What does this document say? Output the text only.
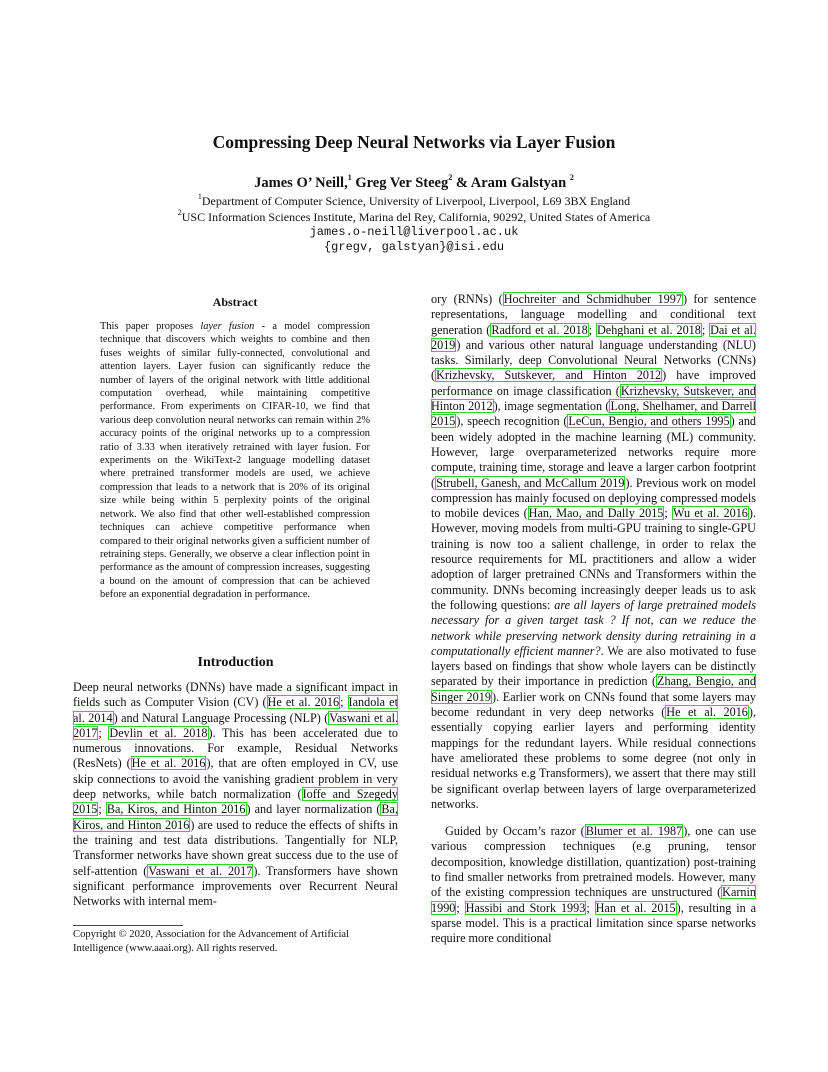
Compressing Deep Neural Networks via Layer Fusion
James O’ Neill,$^1$ Greg Ver Steeg$^2$ & Aram Galstyan $^2$
$^1$Department of Computer Science, University of Liverpool, Liverpool, L69 3BX England
$^2$USC Information Sciences Institute, Marina del Rey, California, 90292, United States of America
james.o-neill@liverpool.ac.uk
{gregv, galstyan}@isi.edu
Abstract
This paper proposes layer fusion - a model compression technique that discovers which weights to combine and then fuses weights of similar fully-connected, convolutional and attention layers. Layer fusion can significantly reduce the number of layers of the original network with little additional computation overhead, while maintaining competitive performance. From experiments on CIFAR-10, we find that various deep convolution neural networks can remain within 2% accuracy points of the original networks up to a compression ratio of 3.33 when iteratively retrained with layer fusion. For experiments on the WikiText-2 language modelling dataset where pretrained transformer models are used, we achieve compression that leads to a network that is 20% of its original size while being within 5 perplexity points of the original network. We also find that other well-established compression techniques can achieve competitive performance when compared to their original networks given a sufficient number of retraining steps. Generally, we observe a clear inflection point in performance as the amount of compression increases, suggesting a bound on the amount of compression that can be achieved before an exponential degradation in performance.
Introduction
Deep neural networks (DNNs) have made a significant impact in fields such as Computer Vision (CV) (He et al. 2016; Iandola et al. 2014) and Natural Language Processing (NLP) (Vaswani et al. 2017; Devlin et al. 2018). This has been accelerated due to numerous innovations. For example, Residual Networks (ResNets) (He et al. 2016), that are often employed in CV, use skip connections to avoid the vanishing gradient problem in very deep networks, while batch normalization (Ioffe and Szegedy 2015; Ba, Kiros, and Hinton 2016) and layer normalization (Ba, Kiros, and Hinton 2016) are used to reduce the effects of shifts in the training and test data distributions. Tangentially for NLP, Transformer networks have shown great success due to the use of self-attention (Vaswani et al. 2017). Transformers have shown significant performance improvements over Recurrent Neural Networks with internal mem-
Copyright © 2020, Association for the Advancement of Artificial Intelligence (www.aaai.org). All rights reserved.

ory (RNNs) (Hochreiter and Schmidhuber 1997) for sentence representations, language modelling and conditional text generation (Radford et al. 2018; Dehghani et al. 2018; Dai et al. 2019) and various other natural language understanding (NLU) tasks. Similarly, deep Convolutional Neural Networks (CNNs) (Krizhevsky, Sutskever, and Hinton 2012) have improved performance on image classification (Krizhevsky, Sutskever, and Hinton 2012), image segmentation (Long, Shelhamer, and Darrell 2015), speech recognition (LeCun, Bengio, and others 1995) and been widely adopted in the machine learning (ML) community. However, large overparameterized networks require more compute, training time, storage and leave a larger carbon footprint (Strubell, Ganesh, and McCallum 2019). Previous work on model compression has mainly focused on deploying compressed models to mobile devices (Han, Mao, and Dally 2015; Wu et al. 2016). However, moving models from multi-GPU training to single-GPU training is now too a salient challenge, in order to relax the resource requirements for ML practitioners and allow a wider adoption of larger pretrained CNNs and Transformers within the community. DNNs becoming increasingly deeper leads us to ask the following questions: are all layers of large pretrained models necessary for a given target task ? If not, can we reduce the network while preserving network density during retraining in a computationally efficient manner?. We are also motivated to fuse layers based on findings that show whole layers can be distinctly separated by their importance in prediction (Zhang, Bengio, and Singer 2019). Earlier work on CNNs found that some layers may become redundant in very deep networks (He et al. 2016), essentially copying earlier layers and performing identity mappings for the redundant layers. While residual connections have ameliorated these problems to some degree (not only in residual networks e.g Transformers), we assert that there may still be significant overlap between layers of large overparameterized networks.

Guided by Occam’s razor (Blumer et al. 1987), one can use various compression techniques (e.g pruning, tensor decomposition, knowledge distillation, quantization) post-training to find smaller networks from pretrained models. However, many of the existing compression techniques are unstructured (Karnin 1990; Hassibi and Stork 1993; Han et al. 2015), resulting in a sparse model. This is a practical limitation since sparse networks require more conditional
